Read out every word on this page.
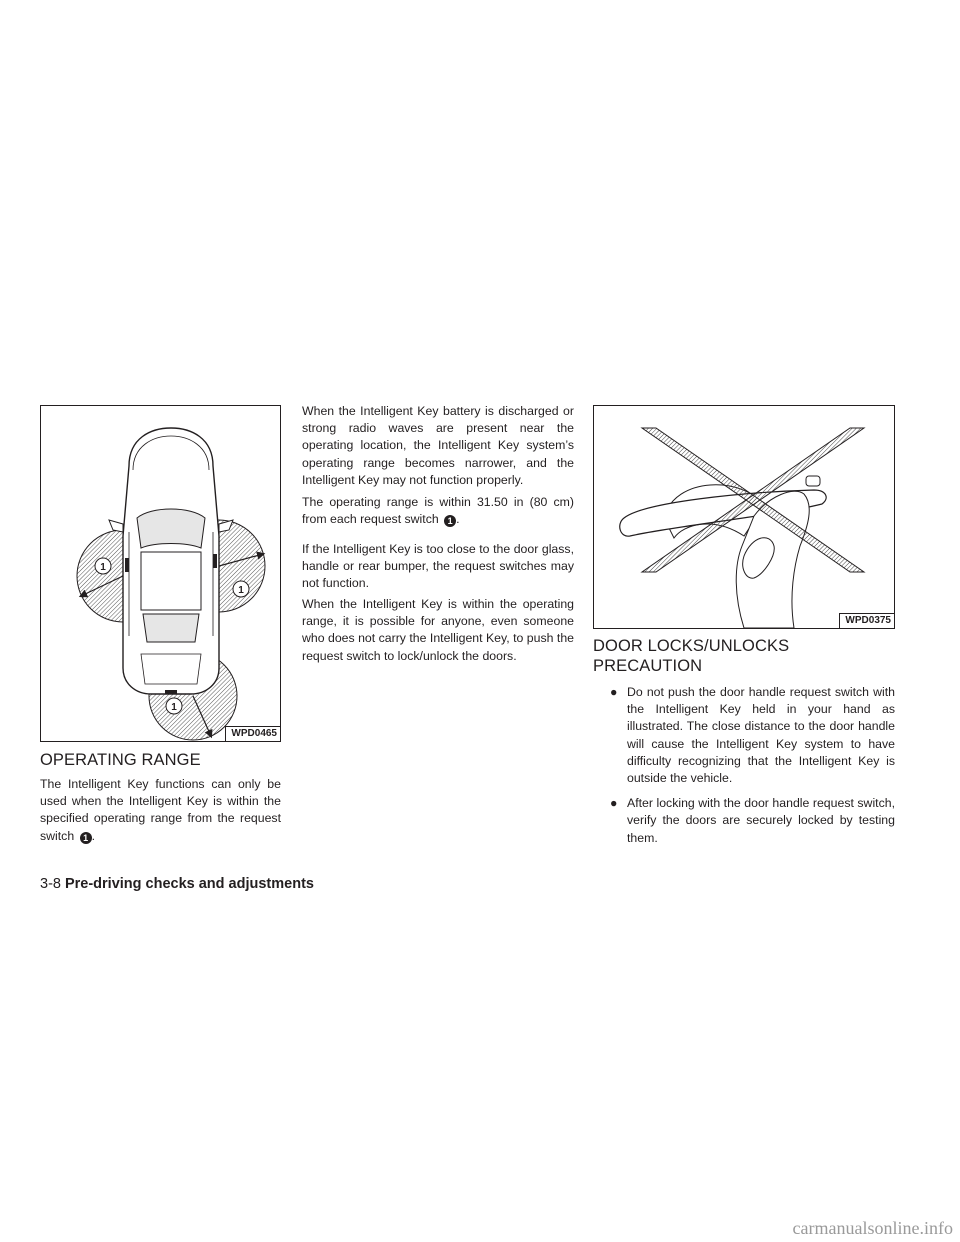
1
1
1
WPD0465
OPERATING RANGE

The Intelligent Key functions can only be used when the Intelligent Key is within the specified operating range from the request switch 1 .

When the Intelligent Key battery is discharged or strong radio waves are present near the operating location, the Intelligent Key system’s operating range becomes narrower, and the Intelligent Key may not function properly.

The operating range is within 31.50 in (80 cm) from each request switch 1 .

If the Intelligent Key is too close to the door glass, handle or rear bumper, the request switches may not function.

When the Intelligent Key is within the operating range, it is possible for anyone, even someone who does not carry the Intelligent Key, to push the request switch to lock/unlock the doors.

WPD0375
DOOR LOCKS/UNLOCKS
PRECAUTION
● Do not push the door handle request switch with the Intelligent Key held in your hand as illustrated. The close distance to the door handle will cause the Intelligent Key system to have difficulty recognizing that the Intelligent Key is outside the vehicle.
● After locking with the door handle request switch, verify the doors are securely locked by testing them.
3-8 Pre-driving checks and adjustments
carmanualsonline.info
